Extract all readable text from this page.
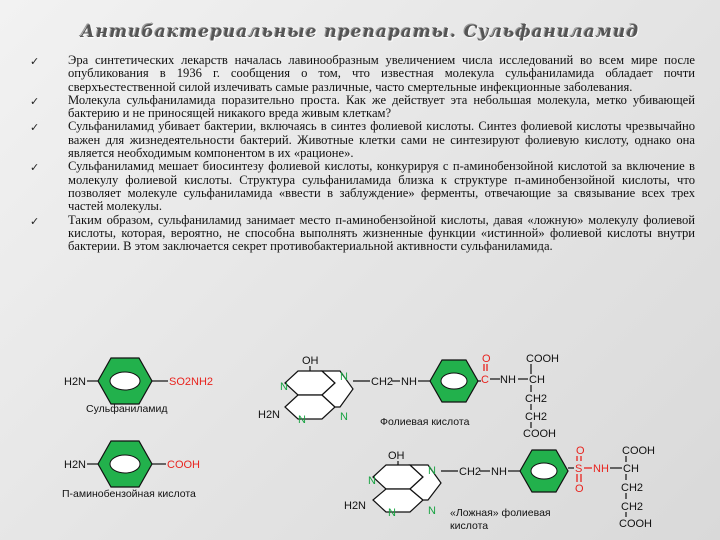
Антибактериальные препараты. Сульфаниламид
✓ Эра синтетических лекарств началась лавинообразным увеличением числа исследований во всем мире после опубликования в 1936 г. сообщения о том, что известная молекула сульфаниламида обладает почти сверхъестественной силой излечивать самые различные, часто смертельные инфекционные заболевания.
✓ Молекула сульфаниламида поразительно проста. Как же действует эта небольшая молекула, метко убивающей бактерию и не приносящей никакого вреда живым клеткам?
✓ Сульфаниламид убивает бактерии, включаясь в синтез фолиевой кислоты. Синтез фолиевой кислоты чрезвычайно важен для жизнедеятельности бактерий. Животные клетки сами не синтезируют фолиевую кислоту, однако она является необходимым компонентом в их «рационе».
✓ Сульфаниламид мешает биосинтезу фолиевой кислоты, конкурируя с п-аминобензойной кислотой за включение в молекулу фолиевой кислоты. Структура сульфаниламида близка к структуре п-аминобензойной кислоты, что позволяет молекуле сульфаниламида «ввести в заблуждение» ферменты, отвечающие за связывание всех трех частей молекулы.
✓ Таким образом, сульфаниламид занимает место п-аминобензойной кислоты, давая «ложную» молекулу фолиевой кислоты, которая, вероятно, не способна выполнять жизненные функции «истинной» фолиевой кислоты внутри бактерии. В этом заключается секрет противобактериальной активности сульфаниламида.
H2N	SO2NH2
Сульфаниламид
H2N	COOH
П-аминобензойная кислота
OH
N
N
N
N
H2N
CH2 NH
O
C NH CH
COOH
CH2
CH2
COOH
Фолиевая кислота
OH
N
N
N
N
H2N
CH2 NH
O
S
O
NH CH
COOH
CH2
CH2
COOH
«Ложная» фолиевая
кислота
